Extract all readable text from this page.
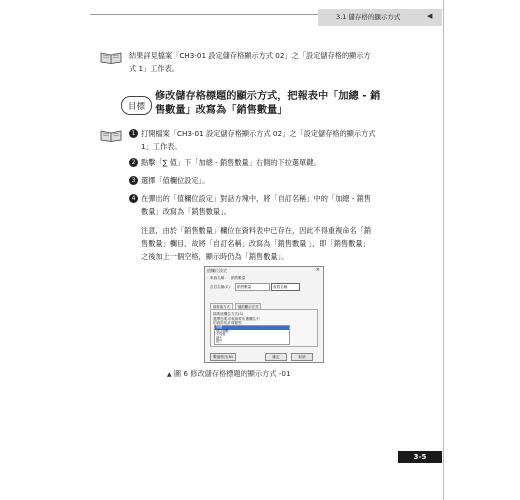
3.1 儲存格的顯示方式	◀
結果詳見檔案「CH3-01 設定儲存格顯示方式 02」之「設定儲存格的顯示方
式 1」工作表。
目標
修改儲存格標題的顯示方式，把報表中「加總 - 銷
售數量」改寫為「銷售數量」
1 打開檔案「CH3-01 設定儲存格顯示方式 02」之「設定儲存格的顯示方式
1」工作表。
2 點擊「∑ 值」下「加總 - 銷售數量」右側的下拉選單鍵。
3 選擇「值欄位設定」。
4 在彈出的「值欄位設定」對話方塊中，將「自訂名稱」中的「加總 - 銷售
數量」改寫為「銷售數量」。
注意，由於「銷售數量」欄位在資料表中已存在，因此不得重複命名「銷
售數量」欄目，故將「自訂名稱」改寫為「銷售數量 」，即「銷售數量」
之後加上一個空格，顯示時仍為「銷售數量」。
值欄位設定	×
來源名稱： 銷售數量
自訂名稱(C)：	銷售數量	改寫名稱
摘要值方式	值的顯示方式
摘要值欄位方式(S)
選擇您要用來摘要所選欄位中
的資料的計算類型
加總
項目個數
平均值
最大
最小
數值格式(N)	確定	取消
▲ 圖 6 修改儲存格標題的顯示方式 -01
3-5
